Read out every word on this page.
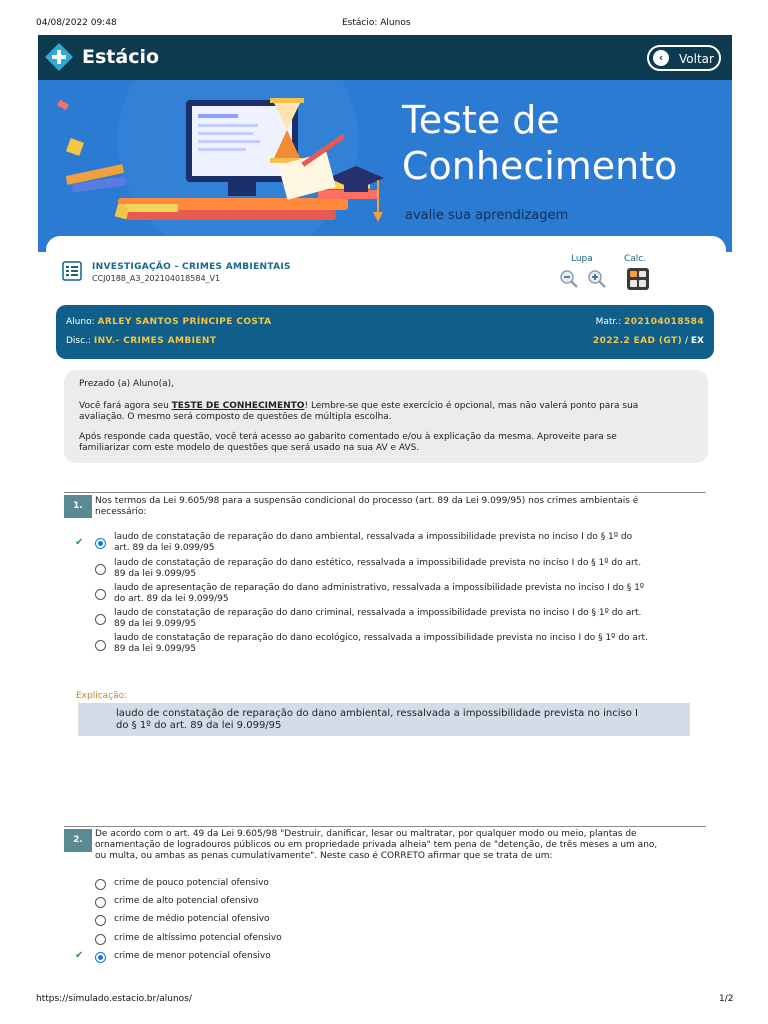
04/08/2022 09:48	Estácio: Alunos
Estácio	‹	Voltar
Teste de
Conhecimento
avalie sua aprendizagem
INVESTIGAÇÃO - CRIMES AMBIENTAIS
CCJ0188_A3_202104018584_V1
Lupa	Calc.
Aluno: ARLEY SANTOS PRÍNCIPE COSTA	Matr.: 202104018584
Disc.: INV.- CRIMES AMBIENT	2022.2 EAD (GT) / EX
Prezado (a) Aluno(a),
Você fará agora seu TESTE DE CONHECIMENTO! Lembre-se que este exercício é opcional, mas não valerá ponto para sua
avaliação. O mesmo será composto de questões de múltipla escolha.
Após responde cada questão, você terá acesso ao gabarito comentado e/ou à explicação da mesma. Aproveite para se
familiarizar com este modelo de questões que será usado na sua AV e AVS.
1.	Nos termos da Lei 9.605/98 para a suspensão condicional do processo (art. 89 da Lei 9.099/95) nos crimes ambientais é
necessário:
✔	laudo de constatação de reparação do dano ambiental, ressalvada a impossibilidade prevista no inciso I do § 1º do
art. 89 da lei 9.099/95
laudo de constatação de reparação do dano estético, ressalvada a impossibilidade prevista no inciso I do § 1º do art.
89 da lei 9.099/95
laudo de apresentação de reparação do dano administrativo, ressalvada a impossibilidade prevista no inciso I do § 1º
do art. 89 da lei 9.099/95
laudo de constatação de reparação do dano criminal, ressalvada a impossibilidade prevista no inciso I do § 1º do art.
89 da lei 9.099/95
laudo de constatação de reparação do dano ecológico, ressalvada a impossibilidade prevista no inciso I do § 1º do art.
89 da lei 9.099/95
Explicação:
laudo de constatação de reparação do dano ambiental, ressalvada a impossibilidade prevista no inciso I
do § 1º do art. 89 da lei 9.099/95
2.
De acordo com o art. 49 da Lei 9.605/98 "Destruir, danificar, lesar ou maltratar, por qualquer modo ou meio, plantas de
ornamentação de logradouros públicos ou em propriedade privada alheia" tem pena de "detenção, de três meses a um ano,
ou multa, ou ambas as penas cumulativamente". Neste caso é CORRETO afirmar que se trata de um:
crime de pouco potencial ofensivo
crime de alto potencial ofensivo
crime de médio potencial ofensivo
crime de altíssimo potencial ofensivo
✔	crime de menor potencial ofensivo
https://simulado.estacio.br/alunos/	1/2
